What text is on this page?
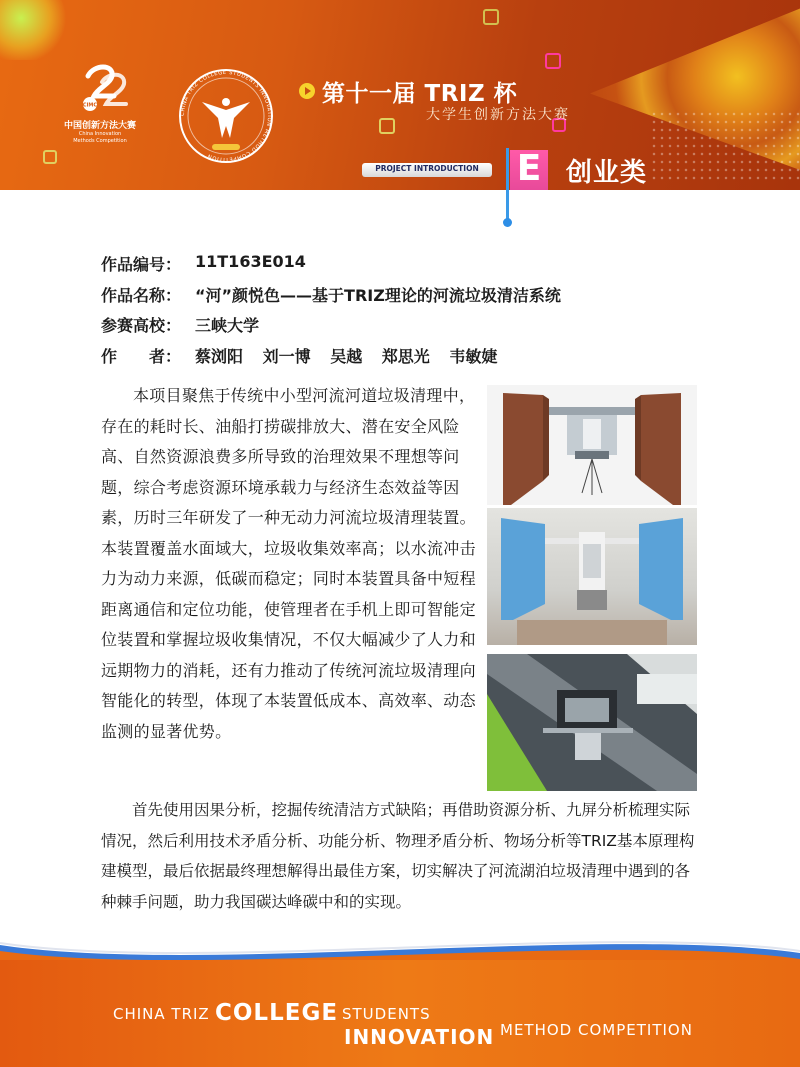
CIMC
中国创新方法大赛
China Innovation
Methods Competition
CHINA TRIZ COLLEGE STUDENTS INNOVATION METHOD COMPETITION
第十一届 TRIZ 杯
大学生创新方法大赛
PROJECT INTRODUCTION	E 创业类
作品编号： 11T163E014
作品名称： “河”颜悦色——基于TRIZ理论的河流垃圾清洁系统
参赛高校： 三峡大学
作　　者： 蔡浏阳 刘一博 吴越 郑思光 韦敏婕

本项目聚焦于传统中小型河流河道垃圾清理中，存在的耗时长、油船打捞碳排放大、潜在安全风险高、自然资源浪费多所导致的治理效果不理想等问题，综合考虑资源环境承载力与经济生态效益等因素，历时三年研发了一种无动力河流垃圾清理装置。本装置覆盖水面域大，垃圾收集效率高；以水流冲击力为动力来源，低碳而稳定；同时本装置具备中短程距离通信和定位功能，使管理者在手机上即可智能定位装置和掌握垃圾收集情况，不仅大幅减少了人力和远期物力的消耗，还有力推动了传统河流垃圾清理向智能化的转型，体现了本装置低成本、高效率、动态监测的显著优势。

首先使用因果分析，挖掘传统清洁方式缺陷；再借助资源分析、九屏分析梳理实际情况，然后利用技术矛盾分析、功能分析、物理矛盾分析、物场分析等TRIZ基本原理构建模型，最后依据最终理想解得出最佳方案，切实解决了河流湖泊垃圾清理中遇到的各种棘手问题，助力我国碳达峰碳中和的实现。

CHINA TRIZ COLLEGE STUDENTS
INNOVATION METHOD COMPETITION
